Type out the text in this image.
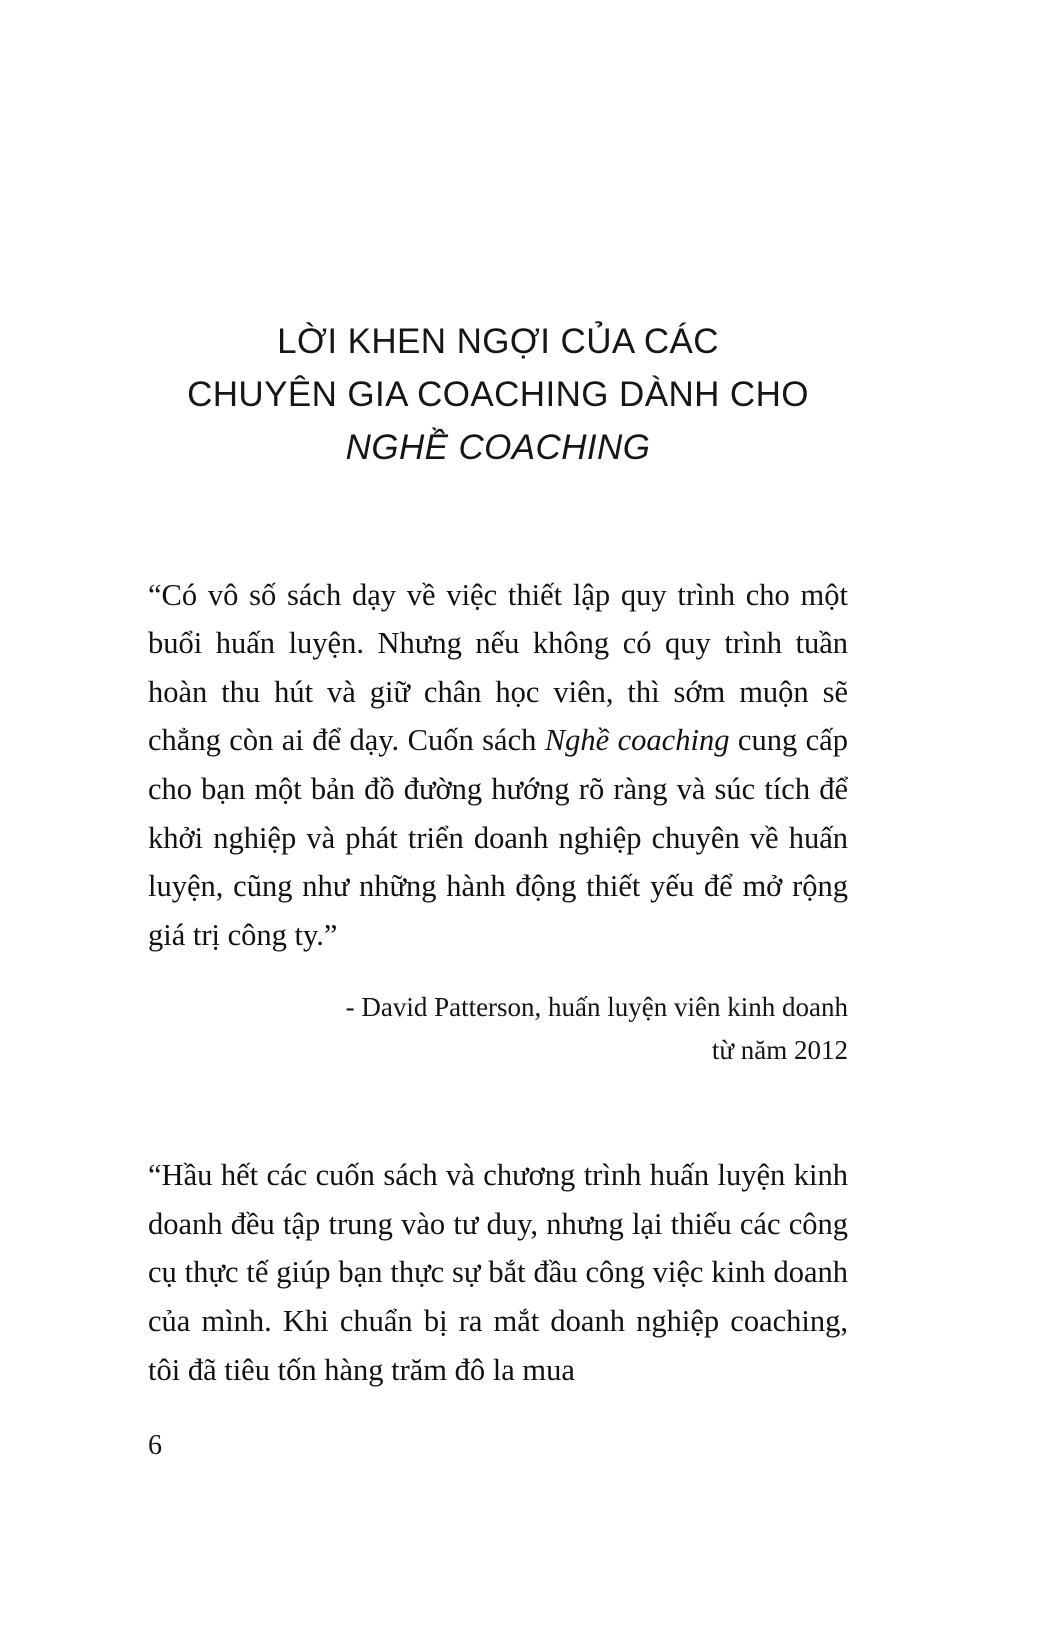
LỜI KHEN NGỢI CỦA CÁC
CHUYÊN GIA COACHING DÀNH CHO
NGHỀ COACHING

“Có vô số sách dạy về việc thiết lập quy trình cho một buổi huấn luyện. Nhưng nếu không có quy trình tuần hoàn thu hút và giữ chân học viên, thì sớm muộn sẽ chẳng còn ai để dạy. Cuốn sách Nghề coaching cung cấp cho bạn một bản đồ đường hướng rõ ràng và súc tích để khởi nghiệp và phát triển doanh nghiệp chuyên về huấn luyện, cũng như những hành động thiết yếu để mở rộng giá trị công ty.”

- David Patterson, huấn luyện viên kinh doanh
từ năm 2012

“Hầu hết các cuốn sách và chương trình huấn luyện kinh doanh đều tập trung vào tư duy, nhưng lại thiếu các công cụ thực tế giúp bạn thực sự bắt đầu công việc kinh doanh của mình. Khi chuẩn bị ra mắt doanh nghiệp coaching, tôi đã tiêu tốn hàng trăm đô la mua

6
